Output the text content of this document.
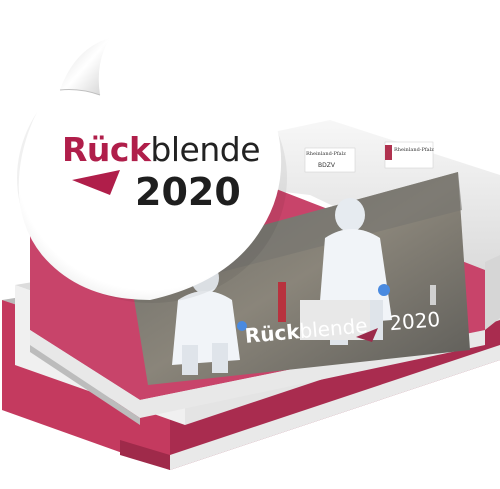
Rückblende
2020
Rückblende 2020
Rheinland-Pfalz
BDZV
Rheinland-Pfalz
